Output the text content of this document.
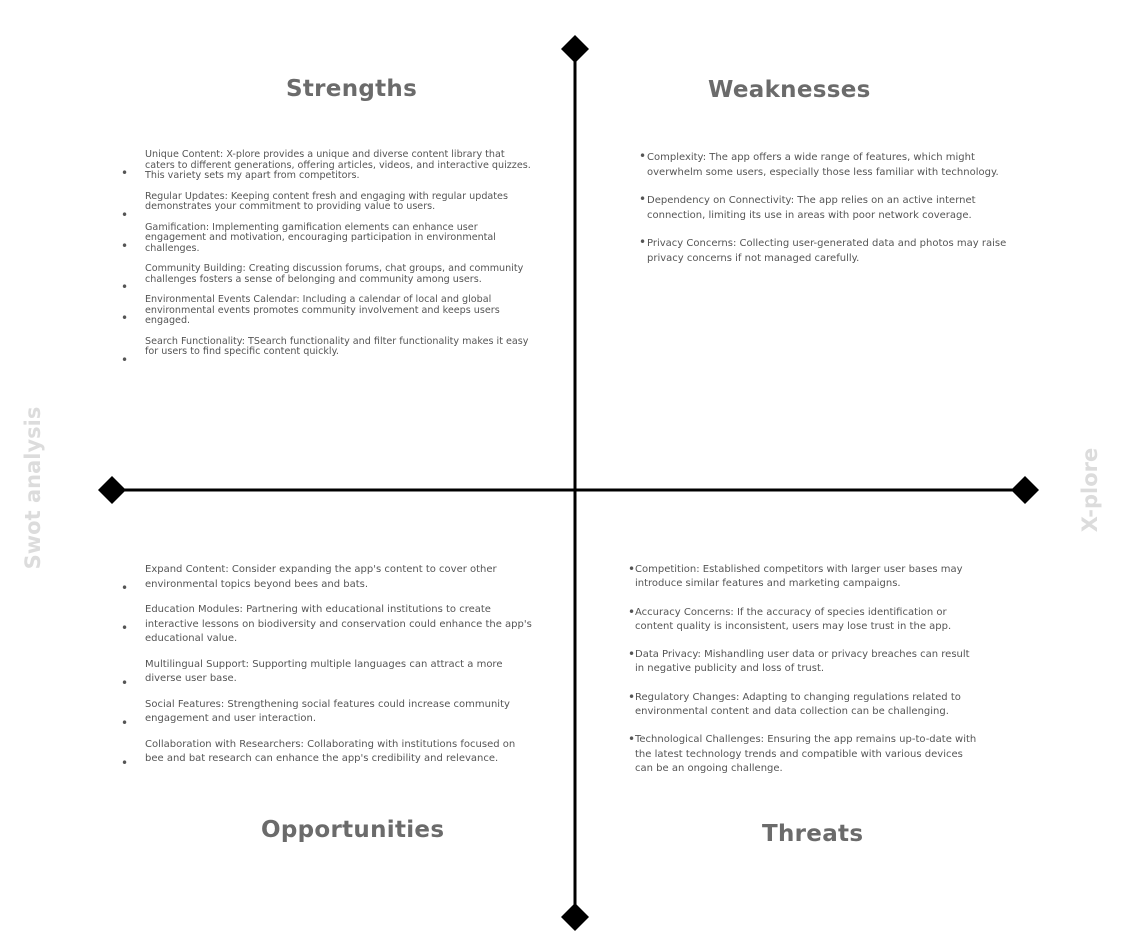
Strengths	Weaknesses
Opportunities	Threats
Swot analysis	X-plore
•
Unique Content: X-plore provides a unique and diverse content library that caters to different generations, offering articles, videos, and interactive quizzes. This variety sets my apart from competitors.
•
Regular Updates: Keeping content fresh and engaging with regular updates demonstrates your commitment to providing value to users.
•
Gamification: Implementing gamification elements can enhance user engagement and motivation, encouraging participation in environmental challenges.
•
Community Building: Creating discussion forums, chat groups, and community challenges fosters a sense of belonging and community among users.
•
Environmental Events Calendar: Including a calendar of local and global environmental events promotes community involvement and keeps users engaged.
•
Search Functionality: TSearch functionality and filter functionality makes it easy for users to find specific content quickly.
• Complexity: The app offers a wide range of features, which might overwhelm some users, especially those less familiar with technology.
• Dependency on Connectivity: The app relies on an active internet connection, limiting its use in areas with poor network coverage.
• Privacy Concerns: Collecting user-generated data and photos may raise privacy concerns if not managed carefully.
•
Expand Content: Consider expanding the app's content to cover other environmental topics beyond bees and bats.
•
Education Modules: Partnering with educational institutions to create interactive lessons on biodiversity and conservation could enhance the app's educational value.
•
Multilingual Support: Supporting multiple languages can attract a more diverse user base.
•
Social Features: Strengthening social features could increase community engagement and user interaction.
•
Collaboration with Researchers: Collaborating with institutions focused on bee and bat research can enhance the app's credibility and relevance.
• Competition: Established competitors with larger user bases may introduce similar features and marketing campaigns.
• Accuracy Concerns: If the accuracy of species identification or content quality is inconsistent, users may lose trust in the app.
• Data Privacy: Mishandling user data or privacy breaches can result in negative publicity and loss of trust.
• Regulatory Changes: Adapting to changing regulations related to environmental content and data collection can be challenging.
• Technological Challenges: Ensuring the app remains up-to-date with the latest technology trends and compatible with various devices can be an ongoing challenge.
